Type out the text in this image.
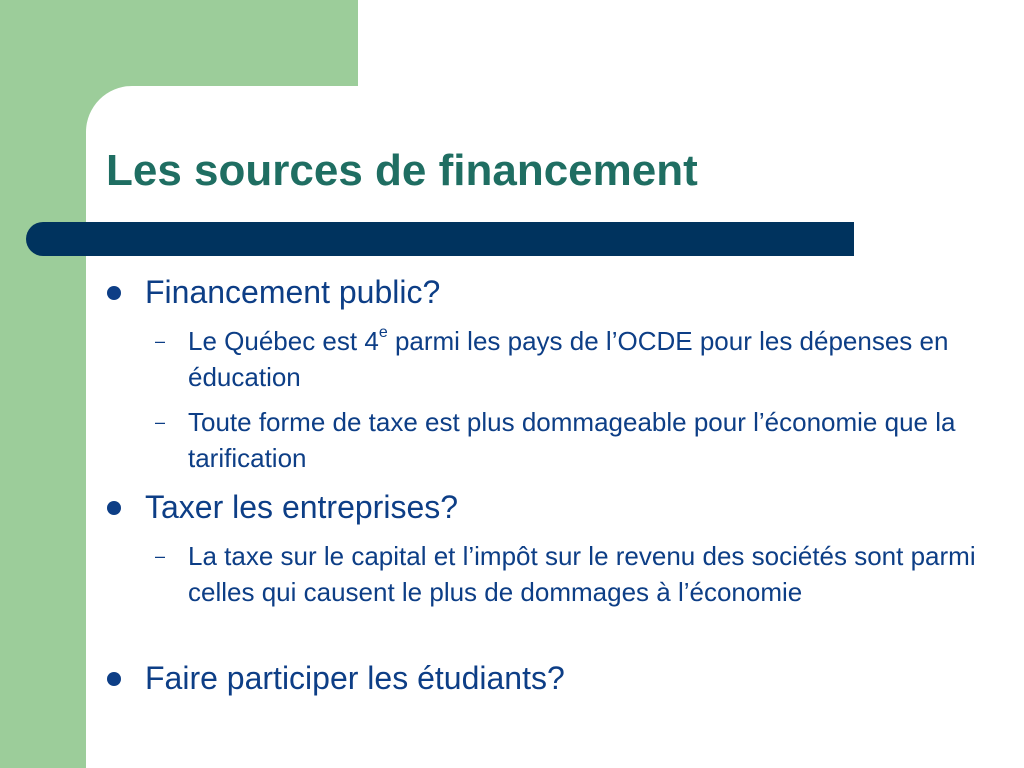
Les sources de financement
Financement public?
– Le Québec est 4e parmi les pays de l’OCDE pour les dépenses en éducation
– Toute forme de taxe est plus dommageable pour l’économie que la tarification
Taxer les entreprises?
– La taxe sur le capital et l’impôt sur le revenu des sociétés sont parmi celles qui causent le plus de dommages à l’économie
Faire participer les étudiants?
